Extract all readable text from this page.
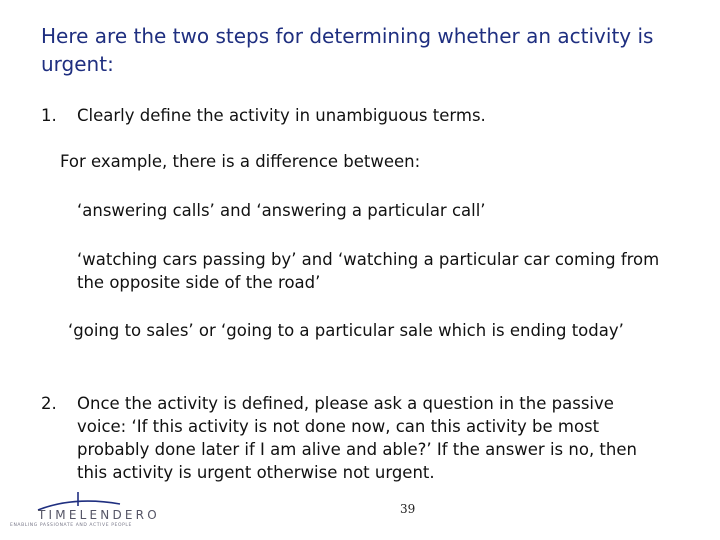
Here are the two steps for determining whether an activity is urgent:
1. Clearly define the activity in unambiguous terms.

For example, there is a difference between:

‘answering calls’ and ‘answering a particular call’

‘watching cars passing by’ and ‘watching a particular car coming from the opposite side of the road’

‘going to sales’ or ‘going to a particular sale which is ending today’

2. Once the activity is defined, please ask a question in the passive voice: ‘If this activity is not done now, can this activity be most probably done later if I am alive and able?’ If the answer is no, then this activity is urgent otherwise not urgent.

TIMELENDERO
ENABLING PASSIONATE AND ACTIVE PEOPLE
39
